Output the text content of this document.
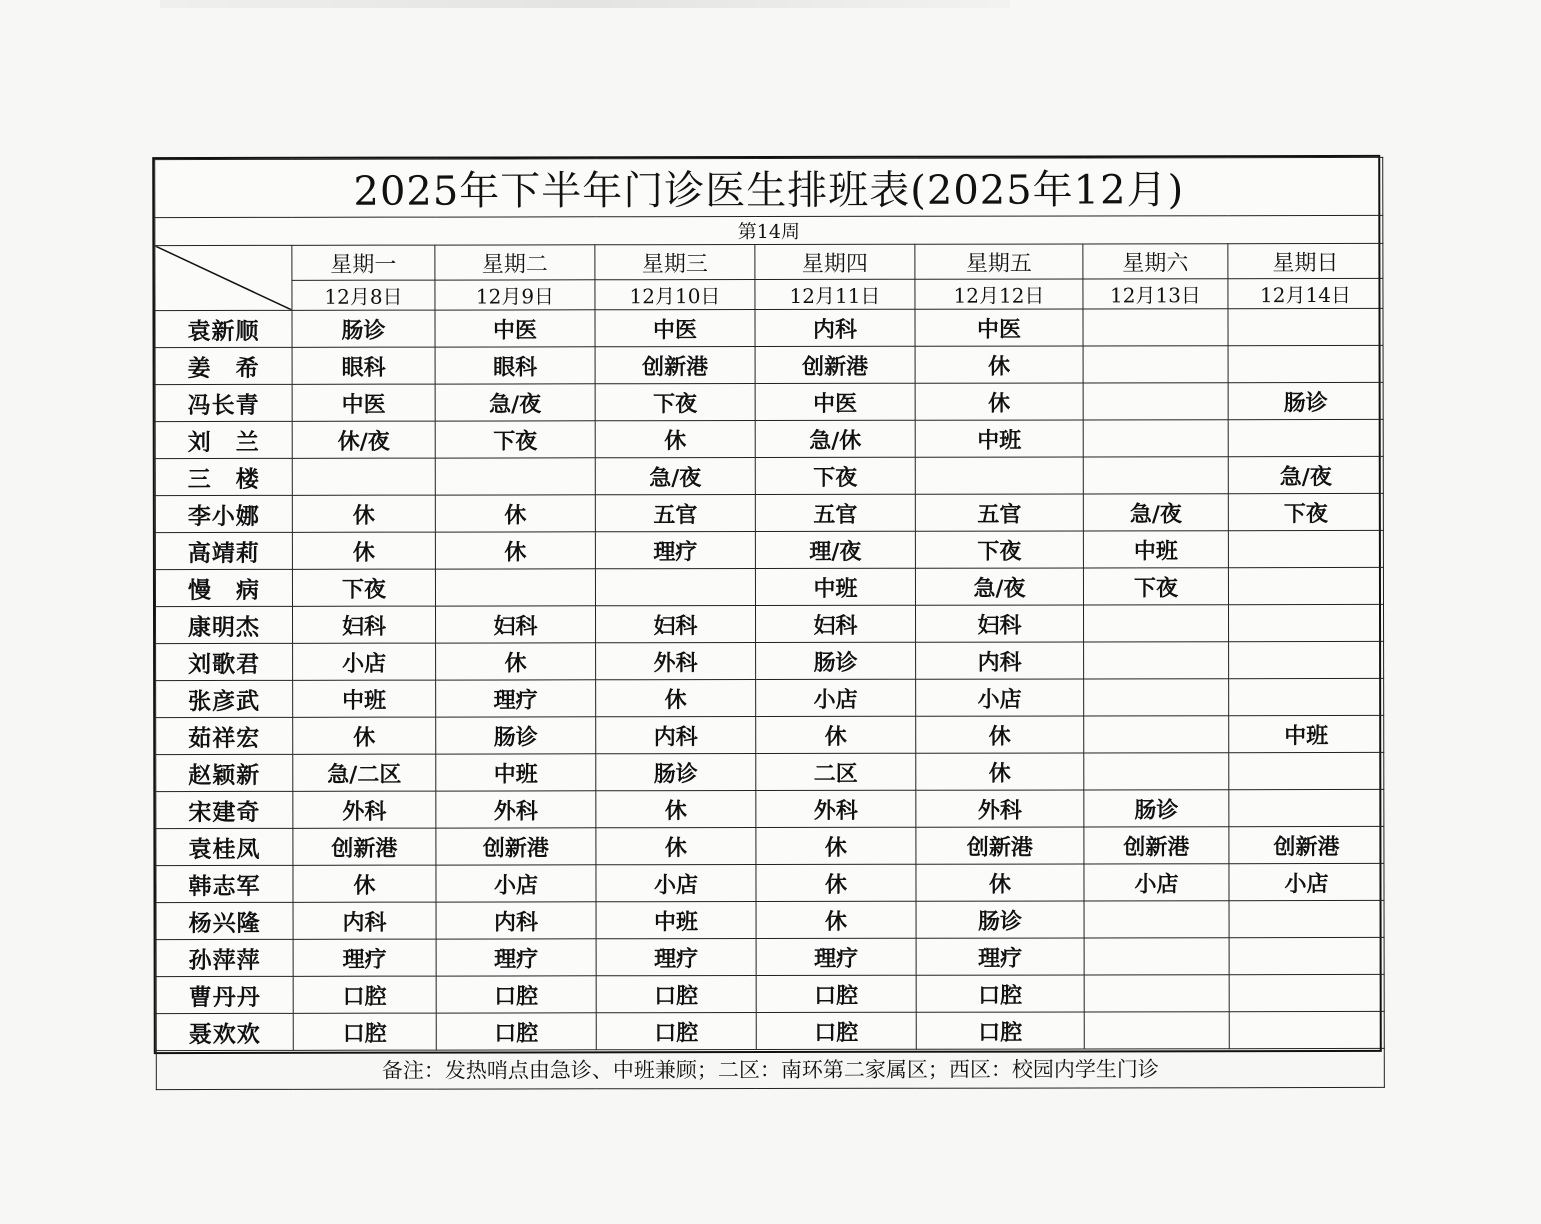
2025年下半年门诊医生排班表(2025年12月)							
第14周							

	星期一	星期二	星期三	星期四	星期五	星期六	星期日
	12月8日	12月9日	12月10日	12月11日	12月12日	12月13日	12月14日
袁新顺	肠诊	中医	中医	内科	中医		
姜　希	眼科	眼科	创新港	创新港	休		
冯长青	中医	急/夜	下夜	中医	休		肠诊
刘　兰	休/夜	下夜	休	急/休	中班		
三　楼			急/夜	下夜			急/夜
李小娜	休	休	五官	五官	五官	急/夜	下夜
高靖莉	休	休	理疗	理/夜	下夜	中班	
慢　病	下夜			中班	急/夜	下夜	
康明杰	妇科	妇科	妇科	妇科	妇科		
刘歌君	小店	休	外科	肠诊	内科		
张彦武	中班	理疗	休	小店	小店		
茹祥宏	休	肠诊	内科	休	休		中班
赵颖新	急/二区	中班	肠诊	二区	休		
宋建奇	外科	外科	休	外科	外科	肠诊	
袁桂凤	创新港	创新港	休	休	创新港	创新港	创新港
韩志军	休	小店	小店	休	休	小店	小店
杨兴隆	内科	内科	中班	休	肠诊		
孙萍萍	理疗	理疗	理疗	理疗	理疗		
曹丹丹	口腔	口腔	口腔	口腔	口腔		
聂欢欢	口腔	口腔	口腔	口腔	口腔		
备注：发热哨点由急诊、中班兼顾；二区：南环第二家属区；西区：校园内学生门诊							
